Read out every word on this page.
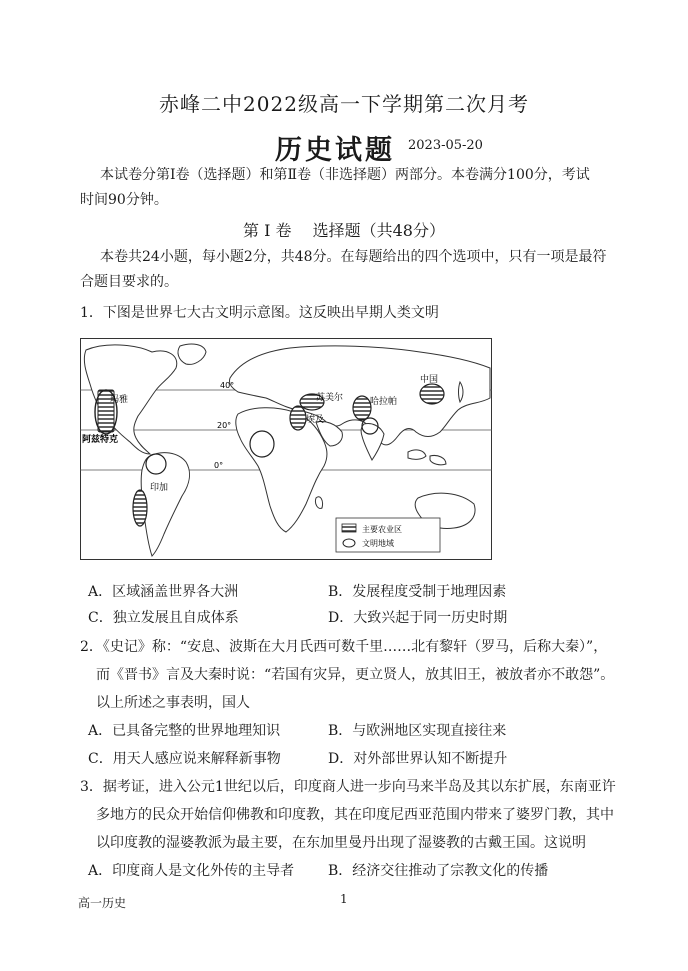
赤峰二中2022级高一下学期第二次月考
历史试题 2023-05-20
本试卷分第Ⅰ卷（选择题）和第Ⅱ卷（非选择题）两部分。本卷满分100分，考试
时间90分钟。
第 Ⅰ 卷　 选择题（共48分）
本卷共24小题，每小题2分，共48分。在每题给出的四个选项中，只有一项是最符
合题目要求的。
1．下图是世界七大古文明示意图。这反映出早期人类文明
40°
20°
0°
玛雅
阿兹特克
印加
苏美尔
埃及
哈拉帕
中国
主要农业区
文明地域
A．区域涵盖世界各大洲	B．发展程度受制于地理因素
C．独立发展且自成体系	D．大致兴起于同一历史时期
2．《史记》称：“安息、波斯在大月氏西可数千里……北有黎轩（罗马，后称大秦）”，
而《晋书》言及大秦时说：“若国有灾异，更立贤人，放其旧王，被放者亦不敢怨”。
以上所述之事表明，国人
A．已具备完整的世界地理知识	B．与欧洲地区实现直接往来
C．用天人感应说来解释新事物	D．对外部世界认知不断提升
3．据考证，进入公元1世纪以后，印度商人进一步向马来半岛及其以东扩展，东南亚许
多地方的民众开始信仰佛教和印度教，其在印度尼西亚范围内带来了婆罗门教，其中
以印度教的湿婆教派为最主要，在东加里曼丹出现了湿婆教的古戴王国。这说明
A．印度商人是文化外传的主导者 B．经济交往推动了宗教文化的传播
高一历史	1
